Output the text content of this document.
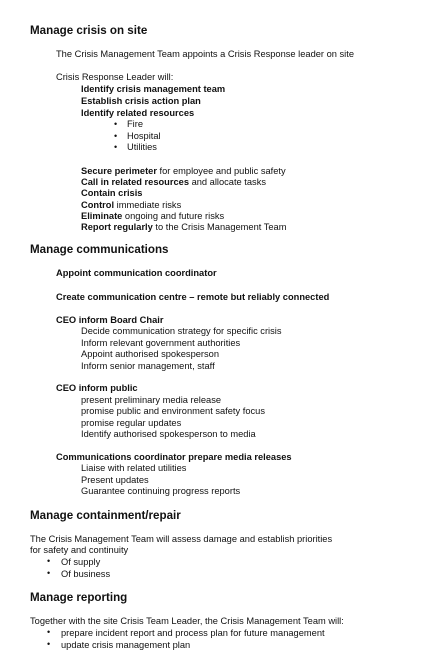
Manage crisis on site
The Crisis Management Team appoints a Crisis Response leader on site
Crisis Response Leader will:
Identify crisis management team
Establish crisis action plan
Identify related resources
• Fire
• Hospital
• Utilities
Secure perimeter for employee and public safety
Call in related resources and allocate tasks
Contain crisis
Control immediate risks
Eliminate ongoing and future risks
Report regularly to the Crisis Management Team
Manage communications
Appoint communication coordinator
Create communication centre – remote but reliably connected
CEO inform Board Chair
Decide communication strategy for specific crisis
Inform relevant government authorities
Appoint authorised spokesperson
Inform senior management, staff
CEO inform public
present preliminary media release
promise public and environment safety focus
promise regular updates
Identify authorised spokesperson to media
Communications coordinator prepare media releases
Liaise with related utilities
Present updates
Guarantee continuing progress reports
Manage containment/repair
The Crisis Management Team will assess damage and establish priorities
for safety and continuity
• Of supply
• Of business
Manage reporting
Together with the site Crisis Team Leader, the Crisis Management Team will:
• prepare incident report and process plan for future management
• update crisis management plan
